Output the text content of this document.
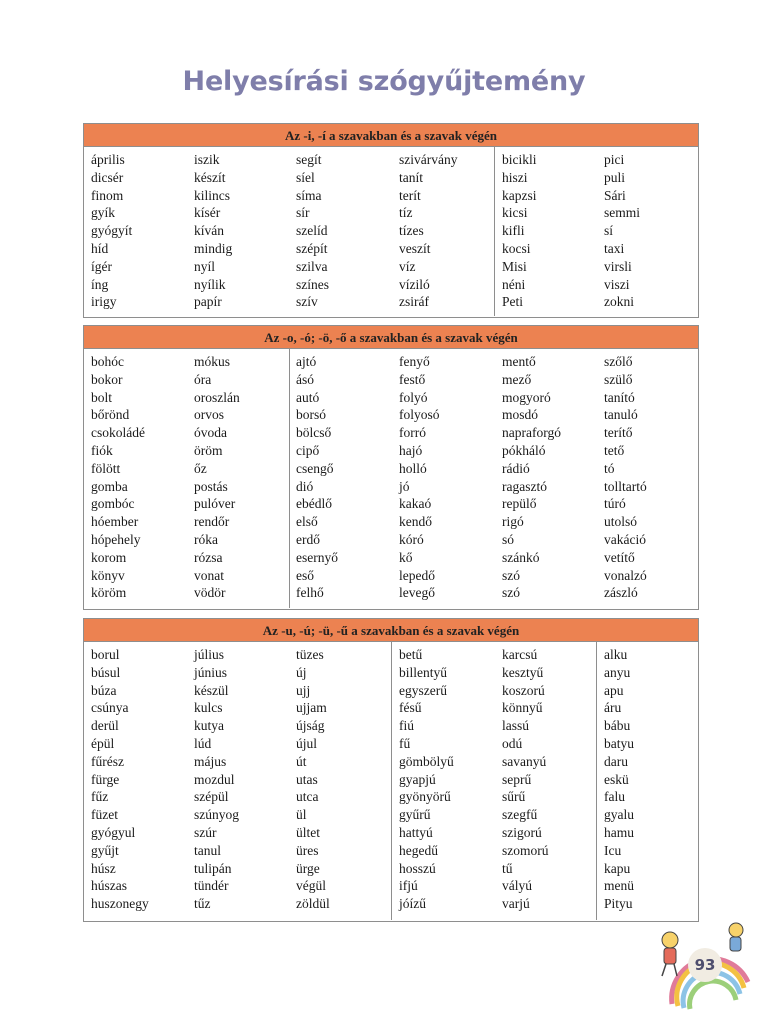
Helyesírási szógyűjtemény
Az -i, -í a szavakban és a szavak végén
április
dicsér
finom
gyík
gyógyít
híd
ígér
íng
irigy
iszik
készít
kilincs
kísér
kíván
mindig
nyíl
nyílik
papír
segít
síel
síma
sír
szelíd
szépít
szilva
színes
szív
szivárvány
tanít
terít
tíz
tízes
veszít
víz
víziló
zsiráf
bicikli
hiszi
kapzsi
kicsi
kifli
kocsi
Misi
néni
Peti
pici
puli
Sári
semmi
sí
taxi
virsli
viszi
zokni
Az -o, -ó; -ö, -ő a szavakban és a szavak végén
bohóc
bokor
bolt
bőrönd
csokoládé
fiók
fölött
gomba
gombóc
hóember
hópehely
korom
könyv
köröm
mókus
óra
oroszlán
orvos
óvoda
öröm
őz
postás
pulóver
rendőr
róka
rózsa
vonat
vödör
ajtó
ásó
autó
borsó
bölcső
cipő
csengő
dió
ebédlő
első
erdő
esernyő
eső
felhő
fenyő
festő
folyó
folyosó
forró
hajó
holló
jó
kakaó
kendő
kóró
kő
lepedő
levegő
mentő
mező
mogyoró
mosdó
napraforgó
pókháló
rádió
ragasztó
repülő
rigó
só
szánkó
szó
szó
szőlő
szülő
tanító
tanuló
terítő
tető
tó
tolltartó
túró
utolsó
vakáció
vetítő
vonalzó
zászló
Az -u, -ú; -ü, -ű a szavakban és a szavak végén
borul
búsul
búza
csúnya
derül
épül
fűrész
fürge
fűz
füzet
gyógyul
gyűjt
húsz
húszas
huszonegy
július
június
készül
kulcs
kutya
lúd
május
mozdul
szépül
szúnyog
szúr
tanul
tulipán
tündér
tűz
tüzes
új
ujj
ujjam
újság
újul
út
utas
utca
ül
ültet
üres
ürge
végül
zöldül
betű
billentyű
egyszerű
fésű
fiú
fű
gömbölyű
gyapjú
gyönyörű
gyűrű
hattyú
hegedű
hosszú
ifjú
jóízű
karcsú
kesztyű
koszorú
könnyű
lassú
odú
savanyú
seprű
sűrű
szegfű
szigorú
szomorú
tű
vályú
varjú
alku
anyu
apu
áru
bábu
batyu
daru
eskü
falu
gyalu
hamu
Icu
kapu
menü
Pityu
93
